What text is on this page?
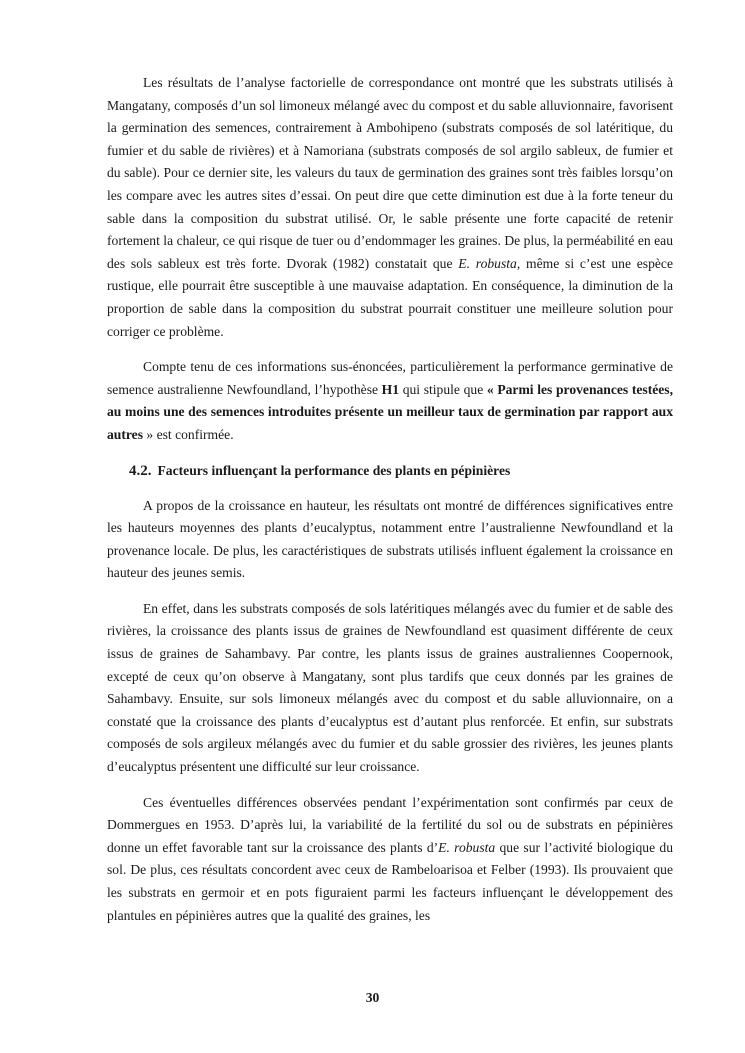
Les résultats de l’analyse factorielle de correspondance ont montré que les substrats utilisés à Mangatany, composés d’un sol limoneux mélangé avec du compost et du sable alluvionnaire, favorisent la germination des semences, contrairement à Ambohipeno (substrats composés de sol latéritique, du fumier et du sable de rivières) et à Namoriana (substrats composés de sol argilo sableux, de fumier et du sable). Pour ce dernier site, les valeurs du taux de germination des graines sont très faibles lorsqu’on les compare avec les autres sites d’essai. On peut dire que cette diminution est due à la forte teneur du sable dans la composition du substrat utilisé. Or, le sable présente une forte capacité de retenir fortement la chaleur, ce qui risque de tuer ou d’endommager les graines. De plus, la perméabilité en eau des sols sableux est très forte. Dvorak (1982) constatait que E. robusta, même si c’est une espèce rustique, elle pourrait être susceptible à une mauvaise adaptation. En conséquence, la diminution de la proportion de sable dans la composition du substrat pourrait constituer une meilleure solution pour corriger ce problème.

Compte tenu de ces informations sus-énoncées, particulièrement la performance germinative de semence australienne Newfoundland, l’hypothèse H1 qui stipule que « Parmi les provenances testées, au moins une des semences introduites présente un meilleur taux de germination par rapport aux autres » est confirmée.

4.2. Facteurs influençant la performance des plants en pépinières

A propos de la croissance en hauteur, les résultats ont montré de différences significatives entre les hauteurs moyennes des plants d’eucalyptus, notamment entre l’australienne Newfoundland et la provenance locale. De plus, les caractéristiques de substrats utilisés influent également la croissance en hauteur des jeunes semis.

En effet, dans les substrats composés de sols latéritiques mélangés avec du fumier et de sable des rivières, la croissance des plants issus de graines de Newfoundland est quasiment différente de ceux issus de graines de Sahambavy. Par contre, les plants issus de graines australiennes Coopernook, excepté de ceux qu’on observe à Mangatany, sont plus tardifs que ceux donnés par les graines de Sahambavy. Ensuite, sur sols limoneux mélangés avec du compost et du sable alluvionnaire, on a constaté que la croissance des plants d’eucalyptus est d’autant plus renforcée. Et enfin, sur substrats composés de sols argileux mélangés avec du fumier et du sable grossier des rivières, les jeunes plants d’eucalyptus présentent une difficulté sur leur croissance.

Ces éventuelles différences observées pendant l’expérimentation sont confirmés par ceux de Dommergues en 1953. D’après lui, la variabilité de la fertilité du sol ou de substrats en pépinières donne un effet favorable tant sur la croissance des plants d’E. robusta que sur l’activité biologique du sol. De plus, ces résultats concordent avec ceux de Rambeloarisoa et Felber (1993). Ils prouvaient que les substrats en germoir et en pots figuraient parmi les facteurs influençant le développement des plantules en pépinières autres que la qualité des graines, les

30
